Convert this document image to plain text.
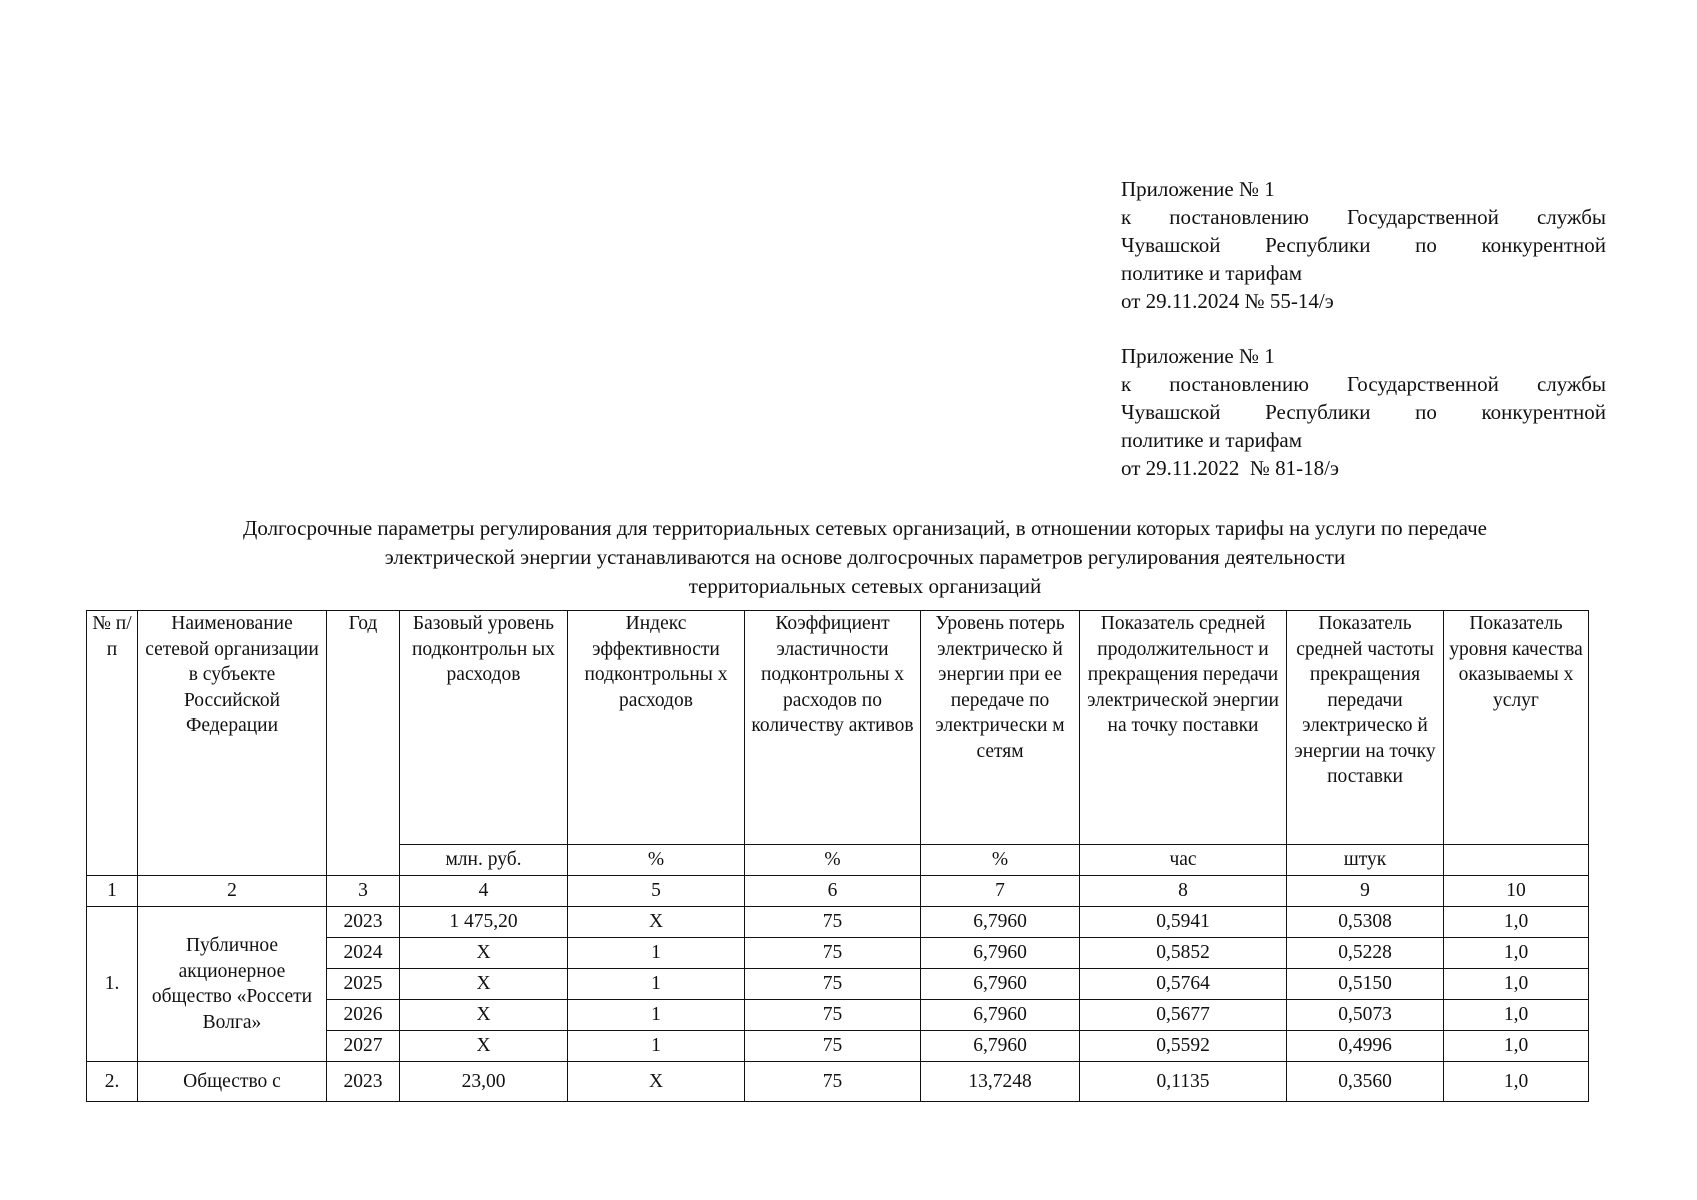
Приложение № 1

к постановлению Государственной службы

Чувашской Республики по конкурентной

политике и тарифам

от 29.11.2024 № 55-14/э

Приложение № 1

к постановлению Государственной службы

Чувашской Республики по конкурентной

политике и тарифам

от 29.11.2022  № 81-18/э

Долгосрочные параметры регулирования для территориальных сетевых организаций, в отношении которых тарифы на услуги по передаче
электрической энергии устанавливаются на основе долгосрочных параметров регулирования деятельности
территориальных сетевых организаций
№ п/п	Наименование сетевой организации в субъекте Российской Федерации	Год	Базовый уровень подконтрольн ых расходов	Индекс эффективности подконтрольны х расходов	Коэффициент эластичности подконтрольны х расходов по количеству активов	Уровень потерь электрическо й энергии при ее передаче по электрически м сетям	Показатель средней продолжительност и прекращения передачи электрической энергии на точку поставки	Показатель средней частоты прекращения передачи электрическо й энергии на точку поставки	Показатель уровня качества оказываемы х услуг
			млн. руб.	%	%	%	час	штук	
1	2	3	4	5	6	7	8	9	10
1.	Публичное акционерное общество «Россети Волга»	2023	1 475,20	Х	75	6,7960	0,5941	0,5308	1,0
		2024	Х	1	75	6,7960	0,5852	0,5228	1,0
		2025	Х	1	75	6,7960	0,5764	0,5150	1,0
		2026	Х	1	75	6,7960	0,5677	0,5073	1,0
		2027	Х	1	75	6,7960	0,5592	0,4996	1,0
2.	Общество с	2023	23,00	Х	75	13,7248	0,1135	0,3560	1,0
